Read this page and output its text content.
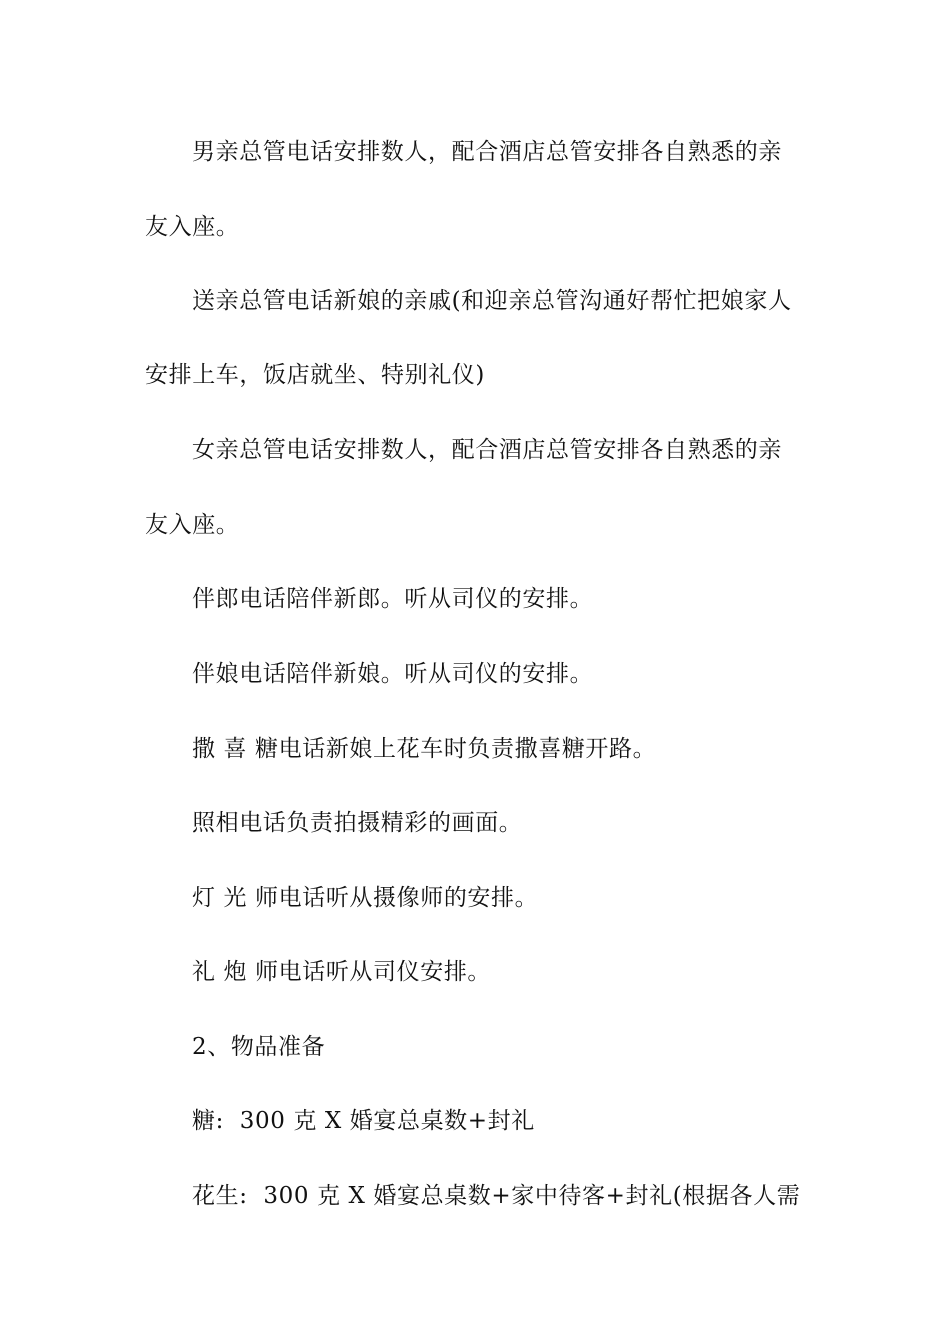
男亲总管电话安排数人，配合酒店总管安排各自熟悉的亲
友入座。
送亲总管电话新娘的亲戚(和迎亲总管沟通好帮忙把娘家人
安排上车，饭店就坐、特别礼仪)
女亲总管电话安排数人，配合酒店总管安排各自熟悉的亲
友入座。
伴郎电话陪伴新郎。听从司仪的安排。
伴娘电话陪伴新娘。听从司仪的安排。
撒 喜 糖电话新娘上花车时负责撒喜糖开路。
照相电话负责拍摄精彩的画面。
灯 光 师电话听从摄像师的安排。
礼 炮 师电话听从司仪安排。
2、物品准备
糖:  300 克 X 婚宴总桌数+封礼
花生:  300 克 X 婚宴总桌数+家中待客+封礼(根据各人需
